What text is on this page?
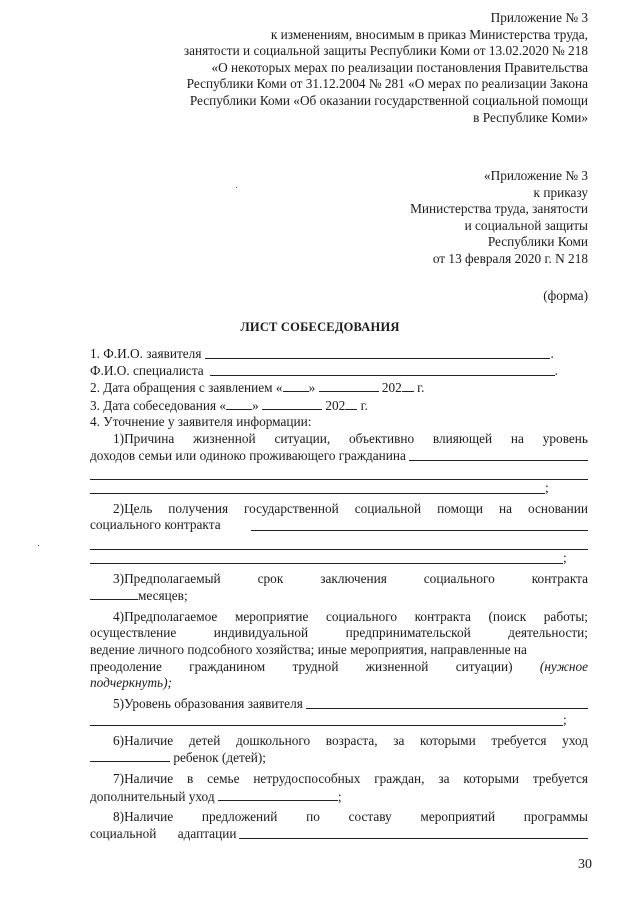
Приложение № 3
к изменениям, вносимым в приказ Министерства труда,
занятости и социальной защиты Республики Коми от 13.02.2020 № 218
«О некоторых мерах по реализации постановления Правительства
Республики Коми от 31.12.2004 № 281 «О мерах по реализации Закона
Республики Коми «Об оказании государственной социальной помощи
в Республике Коми»
«Приложение № 3
к приказу
Министерства труда, занятости
и социальной защиты
Республики Коми
от 13 февраля 2020 г. N 218
(форма)
ЛИСТ СОБЕСЕДОВАНИЯ
1. Ф.И.О. заявителя	.
Ф.И.О. специалиста	.
2. Дата обращения с заявлением « »	202 г.
3. Дата собеседования « »	202 г.
4. Уточнение у заявителя информации:
1)Причина жизненной ситуации, объективно влияющей на уровень
доходов семьи или одиноко проживающего гражданина
;
2)Цель получения государственной социальной помощи на основании
социального контракта
;
3)Предполагаемый срок заключения социального контракта
месяцев;
4)Предполагаемое мероприятие социального контракта (поиск работы;
осуществление индивидуальной предпринимательской деятельности;
ведение личного подсобного хозяйства; иные мероприятия, направленные на
преодоление гражданином трудной жизненной ситуации) (нужное
подчеркнуть);
5) Уровень образования заявителя
;
6)Наличие детей дошкольного возраста, за которыми требуется уход
ребенок (детей);
7)Наличие в семье нетрудоспособных граждан, за которыми требуется
дополнительный уход	;
8)Наличие предложений по составу мероприятий программы
социальной адаптации
30
